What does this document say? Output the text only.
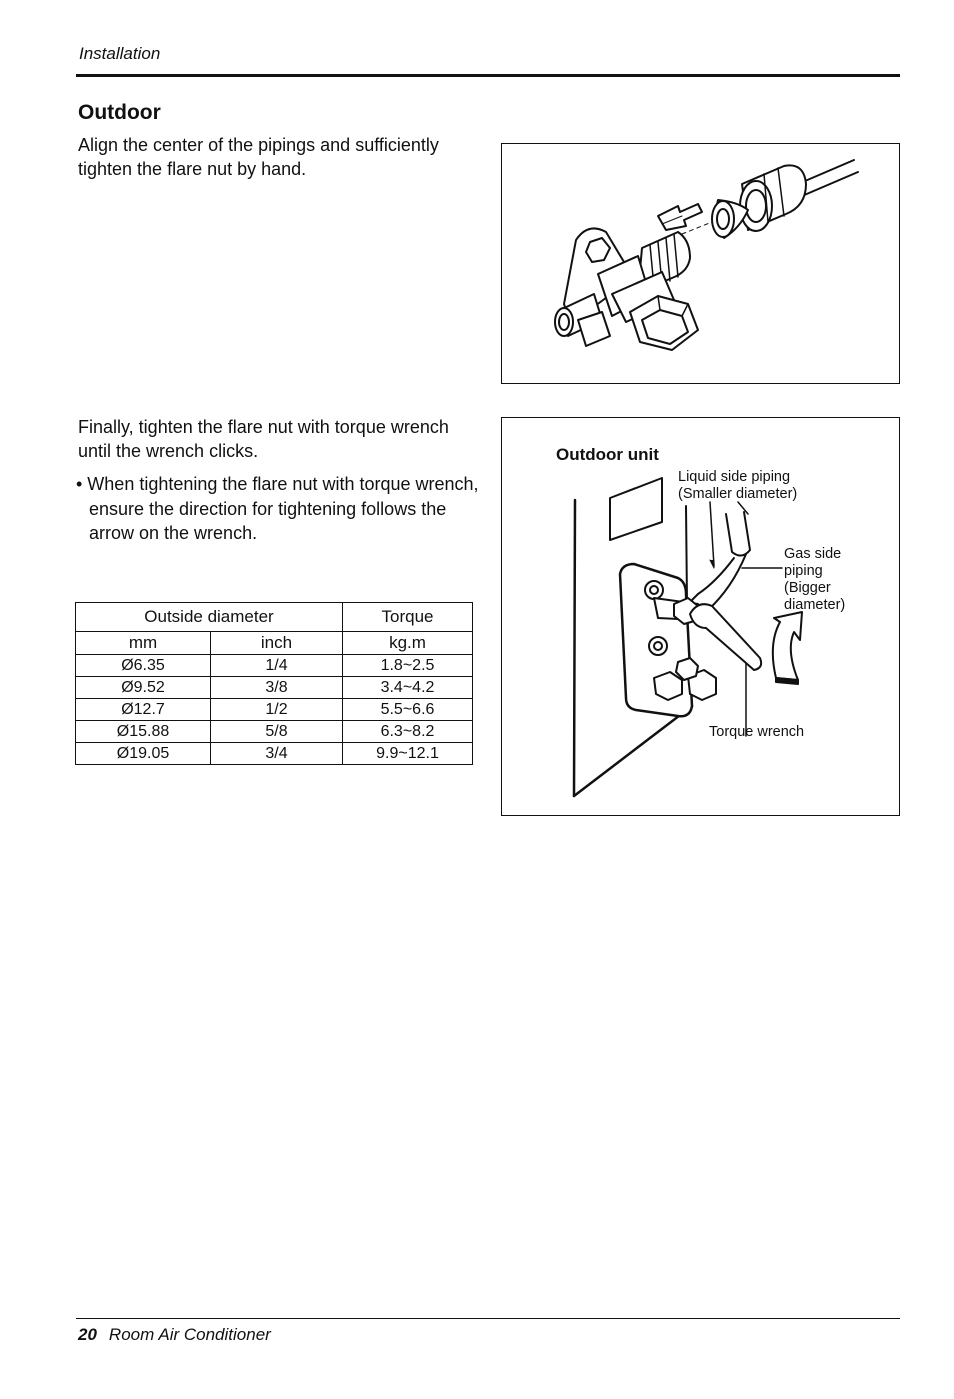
Installation
Outdoor
Align the center of the pipings and sufficiently tighten the flare nut by hand.
Finally, tighten the flare nut with torque wrench until the wrench clicks.
• When tightening the flare nut with torque wrench, ensure the direction for tightening follows the arrow on the wrench.
Outside diameter		Torque
mm	inch	kg.m
Ø6.35	1/4	1.8~2.5
Ø9.52	3/8	3.4~4.2
Ø12.7	1/2	5.5~6.6
Ø15.88	5/8	6.3~8.2
Ø19.05	3/4	9.9~12.1
Outdoor unit
Liquid side piping
(Smaller diameter)
Gas side
piping
(Bigger
diameter)
Torque wrench
20 Room Air Conditioner
